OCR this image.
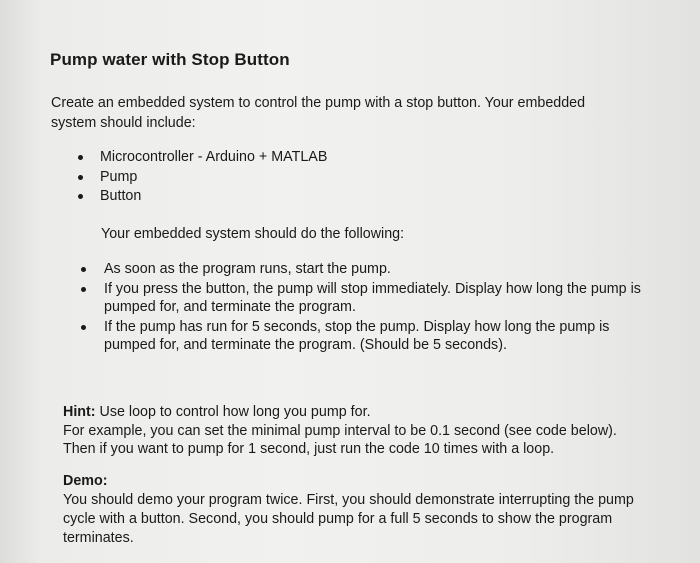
Pump water with Stop Button
Create an embedded system to control the pump with a stop button. Your embedded system should include:
Microcontroller - Arduino + MATLAB
Pump
Button
Your embedded system should do the following:
As soon as the program runs, start the pump.
If you press the button, the pump will stop immediately. Display how long the pump is pumped for, and terminate the program.
If the pump has run for 5 seconds, stop the pump. Display how long the pump is pumped for, and terminate the program. (Should be 5 seconds).
Hint: Use loop to control how long you pump for.
For example, you can set the minimal pump interval to be 0.1 second (see code below).
Then if you want to pump for 1 second, just run the code 10 times with a loop.
Demo:
You should demo your program twice. First, you should demonstrate interrupting the pump cycle with a button. Second, you should pump for a full 5 seconds to show the program terminates.
